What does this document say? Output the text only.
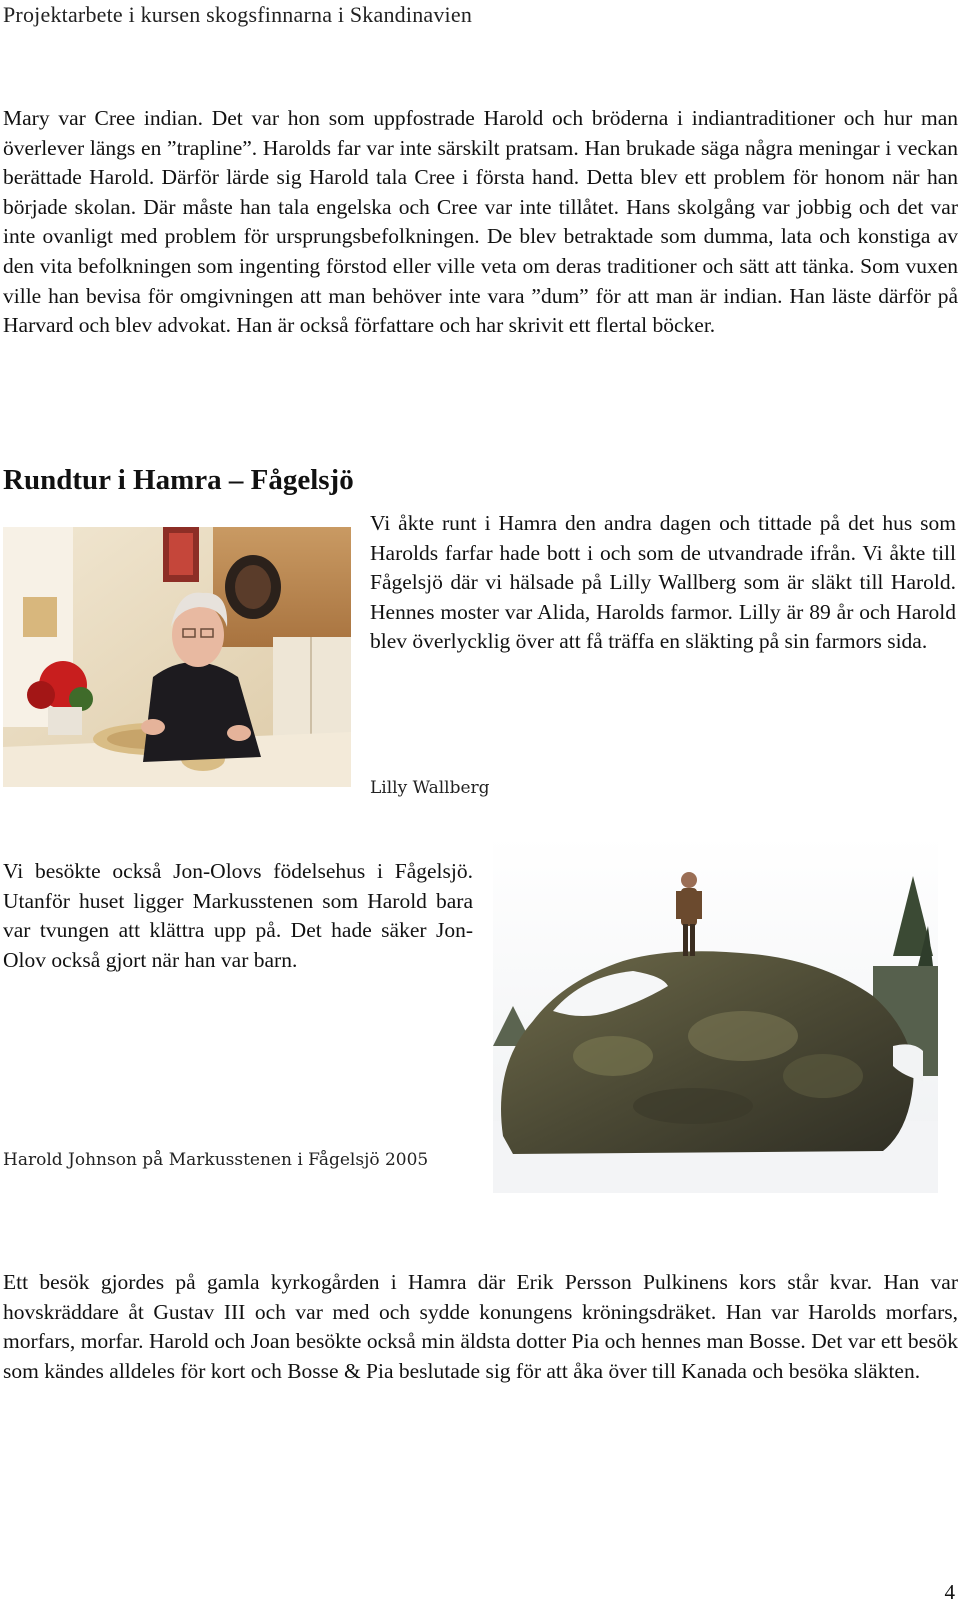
Projektarbete i kursen skogsfinnarna i Skandinavien

Mary var Cree indian. Det var hon som uppfostrade Harold och bröderna i indiantraditioner och hur man överlever längs en ”trapline”. Harolds far var inte särskilt pratsam. Han brukade säga några meningar i veckan berättade Harold. Därför lärde sig Harold tala Cree i första hand. Detta blev ett problem för honom när han började skolan. Där måste han tala engelska och Cree var inte tillåtet. Hans skolgång var jobbig och det var inte ovanligt med problem för ursprungsbefolkningen. De blev betraktade som dumma, lata och konstiga av den vita befolkningen som ingenting förstod eller ville veta om deras traditioner och sätt att tänka. Som vuxen ville han bevisa för omgivningen att man behöver inte vara ”dum” för att man är indian. Han läste därför på Harvard och blev advokat. Han är också författare och har skrivit ett flertal böcker.

Rundtur i Hamra – Fågelsjö

Vi åkte runt i Hamra den andra dagen och tittade på det hus som Harolds farfar hade bott i och som de utvandrade ifrån. Vi åkte till Fågelsjö där vi hälsade på Lilly Wallberg som är släkt till Harold. Hennes moster var Alida, Harolds farmor. Lilly är 89 år och Harold blev överlycklig över att få träffa en släkting på sin farmors sida.

Lilly Wallberg

Vi besökte också Jon-Olovs födelsehus i Fågelsjö. Utanför huset ligger Markusstenen som Harold bara var tvungen att klättra upp på. Det hade säker Jon-Olov också gjort när han var barn.

Harold Johnson på Markusstenen i Fågelsjö 2005

Ett besök gjordes på gamla kyrkogården i Hamra där Erik Persson Pulkinens kors står kvar. Han var hovskräddare åt Gustav III och var med och sydde konungens kröningsdräket. Han var Harolds morfars, morfars, morfar. Harold och Joan besökte också min äldsta dotter Pia och hennes man Bosse. Det var ett besök som kändes alldeles för kort och Bosse & Pia beslutade sig för att åka över till Kanada och besöka släkten.

4
